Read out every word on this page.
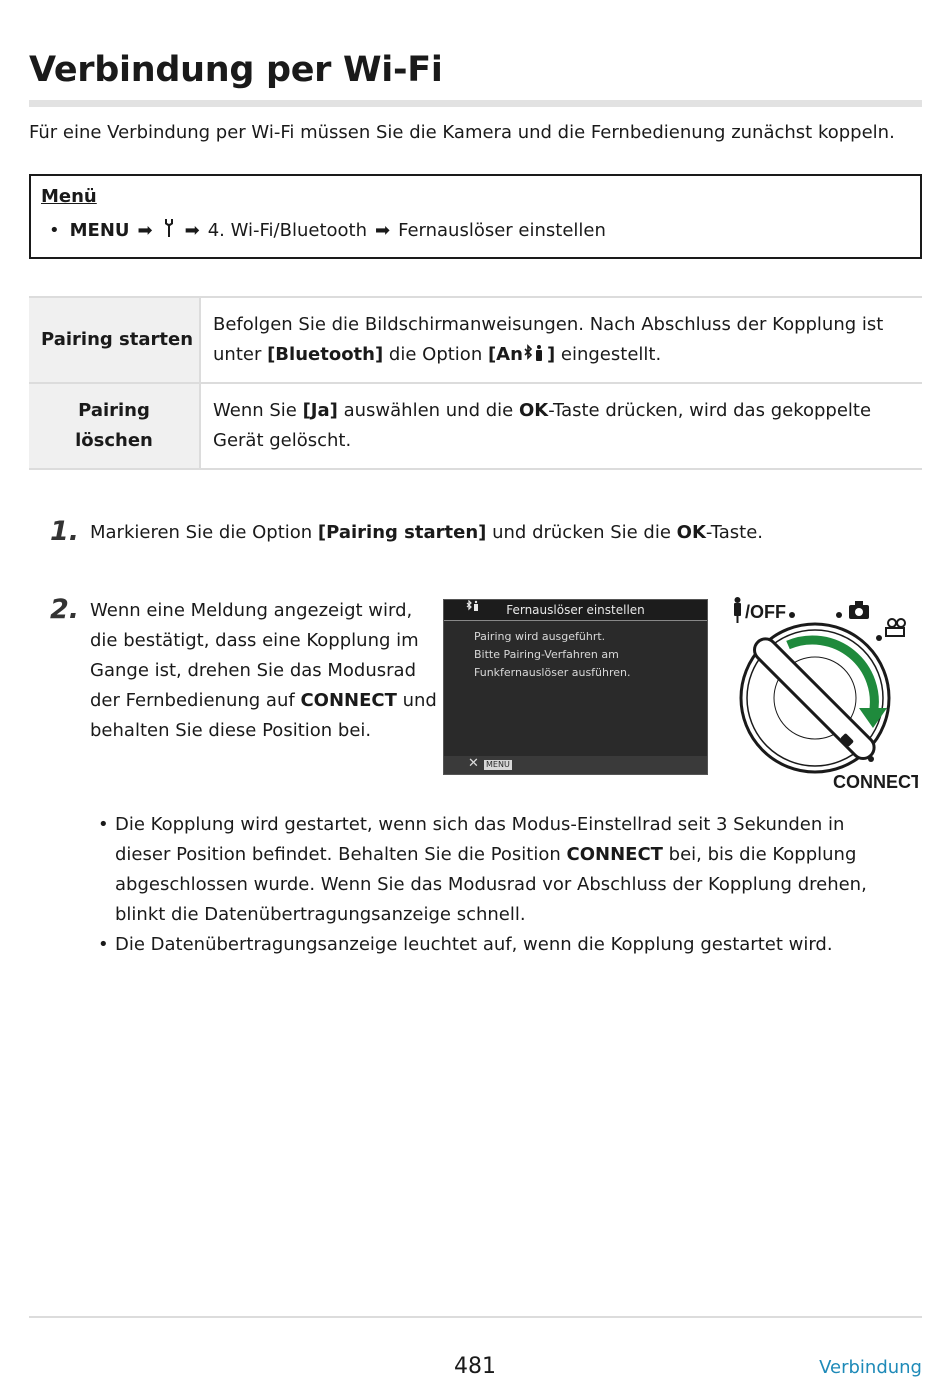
Verbindung per Wi-Fi
Für eine Verbindung per Wi-Fi müssen Sie die Kamera und die Fernbedienung zunächst koppeln.
Menü
• MENU ➡ ➡ 4. Wi-Fi/Bluetooth ➡ Fernauslöser einstellen
Pairing starten	Befolgen Sie die Bildschirmanweisungen. Nach Abschluss der Kopplung ist unter [Bluetooth] die Option [An ] eingestellt.
Pairing
löschen	Wenn Sie [Ja] auswählen und die OK-Taste drücken, wird das gekoppelte Gerät gelöscht.
1. Markieren Sie die Option [Pairing starten] und drücken Sie die OK-Taste.
2. Wenn eine Meldung angezeigt wird,
die bestätigt, dass eine Kopplung im
Gange ist, drehen Sie das Modusrad
der Fernbedienung auf CONNECT und
behalten Sie diese Position bei.
Fernauslöser einstellen
Pairing wird ausgeführt.
Bitte Pairing-Verfahren am
Funkfernauslöser ausführen.
✕ MENU
/OFF
CONNECT
• Die Kopplung wird gestartet, wenn sich das Modus-Einstellrad seit 3 Sekunden in dieser Position befindet. Behalten Sie die Position CONNECT bei, bis die Kopplung abgeschlossen wurde. Wenn Sie das Modusrad vor Abschluss der Kopplung drehen, blinkt die Datenübertragungsanzeige schnell.
• Die Datenübertragungsanzeige leuchtet auf, wenn die Kopplung gestartet wird.
481	Verbindung
